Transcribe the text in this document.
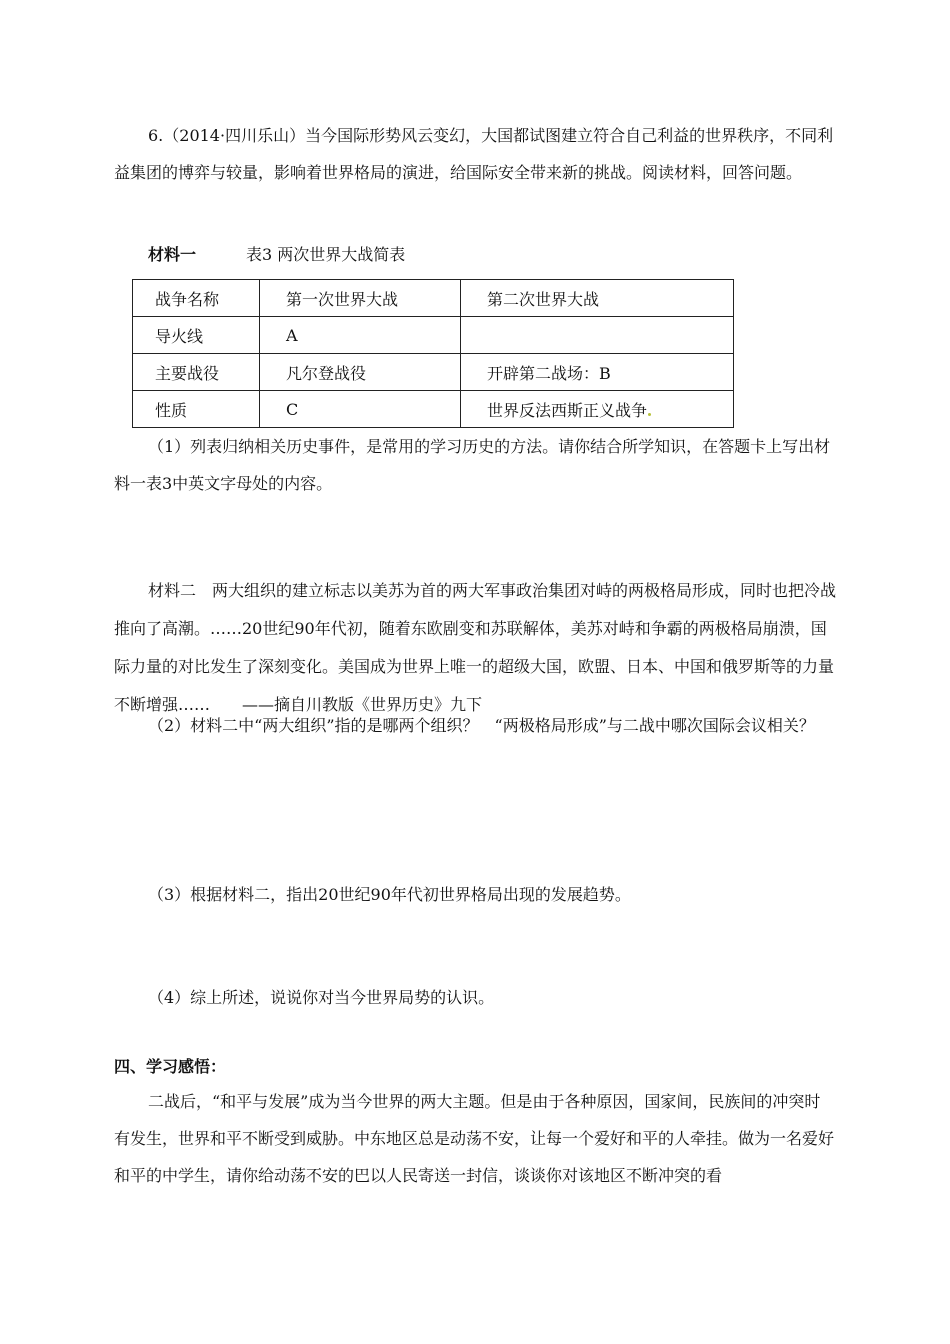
6.（2014·四川乐山）当今国际形势风云变幻，大国都试图建立符合自己利益的世界秩序，不同利益集团的博弈与较量，影响着世界格局的演进，给国际安全带来新的挑战。阅读材料，回答问题。

材料一	表3 两次世界大战简表
战争名称	第一次世界大战	第二次世界大战
导火线	A	
主要战役	凡尔登战役	开辟第二战场：B
性质	C	世界反法西斯正义战争

（1）列表归纳相关历史事件，是常用的学习历史的方法。请你结合所学知识，在答题卡上写出材料一表3中英文字母处的内容。

材料二　两大组织的建立标志以美苏为首的两大军事政治集团对峙的两极格局形成，同时也把冷战推向了高潮。……20世纪90年代初，随着东欧剧变和苏联解体，美苏对峙和争霸的两极格局崩溃，国际力量的对比发生了深刻变化。美国成为世界上唯一的超级大国，欧盟、日本、中国和俄罗斯等的力量不断增强……　　——摘自川教版《世界历史》九下

（2）材料二中“两大组织”指的是哪两个组织？　“两极格局形成”与二战中哪次国际会议相关？

（3）根据材料二，指出20世纪90年代初世界格局出现的发展趋势。

（4）综上所述，说说你对当今世界局势的认识。

四、学习感悟：

二战后，“和平与发展”成为当今世界的两大主题。但是由于各种原因，国家间，民族间的冲突时有发生，世界和平不断受到威胁。中东地区总是动荡不安，让每一个爱好和平的人牵挂。做为一名爱好和平的中学生，请你给动荡不安的巴以人民寄送一封信，谈谈你对该地区不断冲突的看
